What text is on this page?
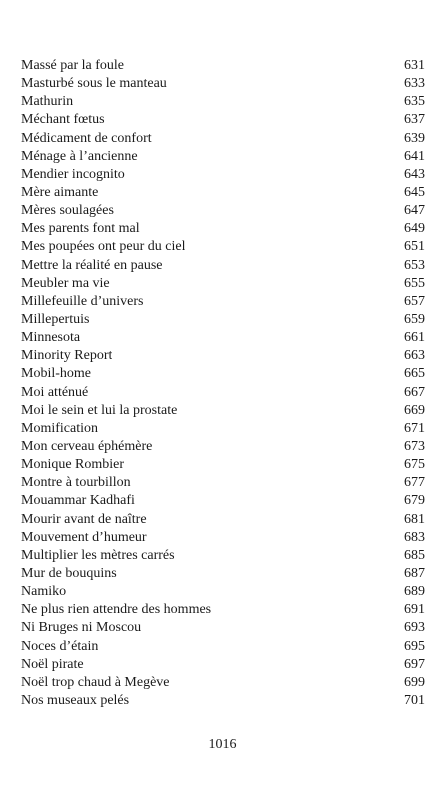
Massé par la foule	631
Masturbé sous le manteau	633
Mathurin	635
Méchant fœtus	637
Médicament de confort	639
Ménage à l’ancienne	641
Mendier incognito	643
Mère aimante	645
Mères soulagées	647
Mes parents font mal	649
Mes poupées ont peur du ciel	651
Mettre la réalité en pause	653
Meubler ma vie	655
Millefeuille d’univers	657
Millepertuis	659
Minnesota	661
Minority Report	663
Mobil-home	665
Moi atténué	667
Moi le sein et lui la prostate	669
Momification	671
Mon cerveau éphémère	673
Monique Rombier	675
Montre à tourbillon	677
Mouammar Kadhafi	679
Mourir avant de naître	681
Mouvement d’humeur	683
Multiplier les mètres carrés	685
Mur de bouquins	687
Namiko	689
Ne plus rien attendre des hommes	691
Ni Bruges ni Moscou	693
Noces d’étain	695
Noël pirate	697
Noël trop chaud à Megève	699
Nos museaux pelés	701
1016
